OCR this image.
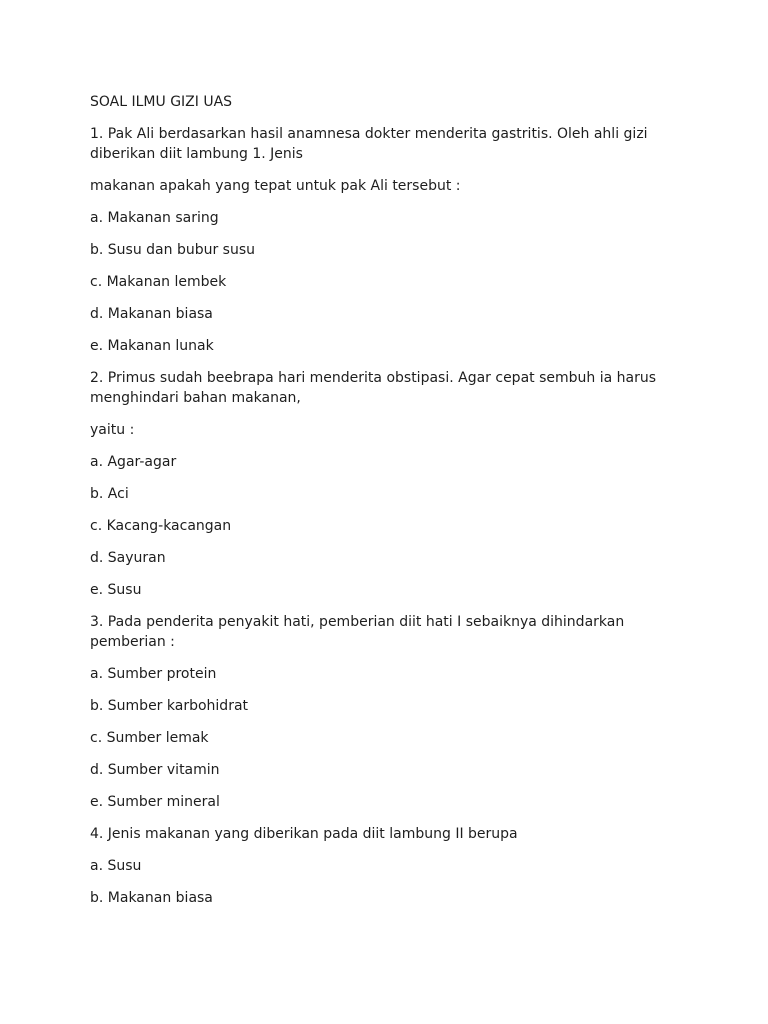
SOAL ILMU GIZI UAS

1. Pak Ali berdasarkan hasil anamnesa dokter menderita gastritis. Oleh ahli gizi diberikan diit lambung 1. Jenis

makanan apakah yang tepat untuk pak Ali tersebut :

a. Makanan saring

b. Susu dan bubur susu

c. Makanan lembek

d. Makanan biasa

e. Makanan lunak

2. Primus sudah beebrapa hari menderita obstipasi. Agar cepat sembuh ia harus menghindari bahan makanan,

yaitu :

a. Agar-agar

b. Aci

c. Kacang-kacangan

d. Sayuran

e. Susu

3. Pada penderita penyakit hati, pemberian diit hati I sebaiknya dihindarkan pemberian :

a. Sumber protein

b. Sumber karbohidrat

c. Sumber lemak

d. Sumber vitamin

e. Sumber mineral

4. Jenis makanan yang diberikan pada diit lambung II berupa

a. Susu

b. Makanan biasa
